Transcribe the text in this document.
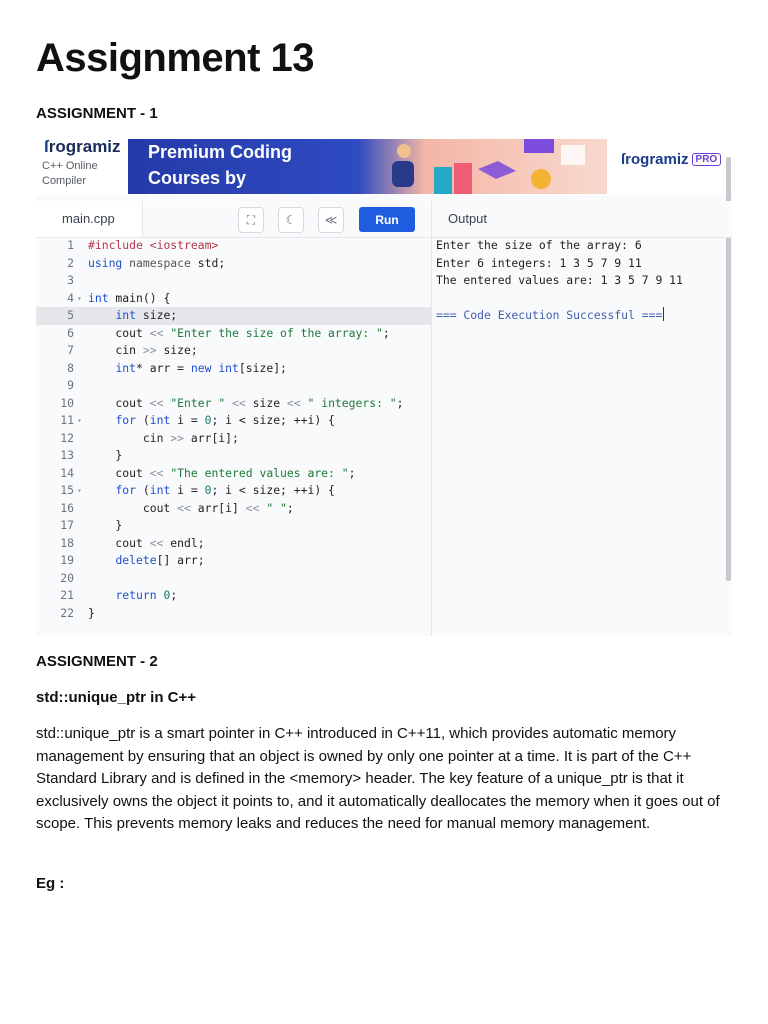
Assignment 13
ASSIGNMENT - 1
ſrogramiz
C++ Online Compiler
Premium Coding Courses by
ſrogramiz PRO
main.cpp	⛶	☾	≪	Run	Output
1 #include <iostream>
2 using namespace std;
3
4 ▾ int main() {
5	int size;
6 cout << "Enter the size of the array: ";
7 cin >> size;
8	int* arr = new int[size];
9
10 cout << "Enter " << size << " integers: ";
11 ▾	for (int i = 0; i < size; ++i) {
12 cin >> arr[i];
13 }
14 cout << "The entered values are: ";
15 ▾	for (int i = 0; i < size; ++i) {
16 cout << arr[i] << " ";
17 }
18 cout << endl;
19	delete[] arr;
20
21	return 0;
22 }
Enter the size of the array: 6
Enter 6 integers: 1 3 5 7 9 11
The entered values are: 1 3 5 7 9 11
=== Code Execution Successful ===
ASSIGNMENT - 2
std::unique_ptr in C++

std::unique_ptr is a smart pointer in C++ introduced in C++11, which provides automatic memory management by ensuring that an object is owned by only one pointer at a time. It is part of the C++ Standard Library and is defined in the <memory> header. The key feature of a unique_ptr is that it exclusively owns the object it points to, and it automatically deallocates the memory when it goes out of scope. This prevents memory leaks and reduces the need for manual memory management.

Eg :
